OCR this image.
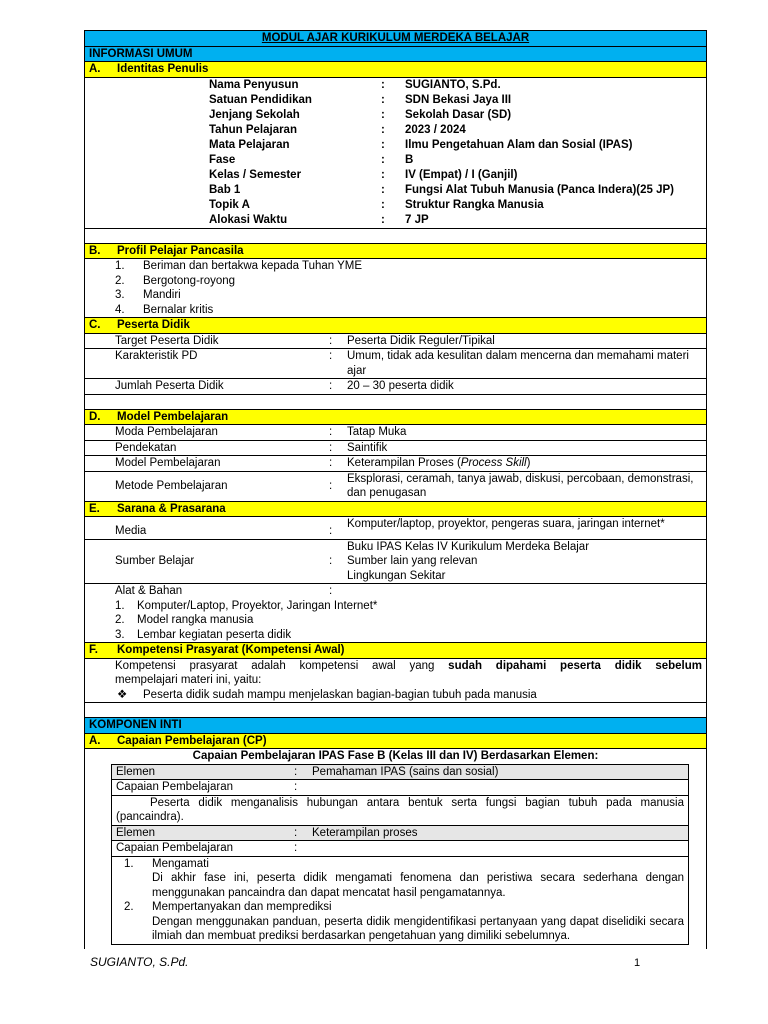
MODUL AJAR KURIKULUM MERDEKA BELAJAR
INFORMASI UMUM
A. Identitas Penulis

Nama Penyusun	:	SUGIANTO, S.Pd.
Satuan Pendidikan	:	SDN Bekasi Jaya III
Jenjang Sekolah	:	Sekolah Dasar (SD)
Tahun Pelajaran	:	2023 / 2024
Mata Pelajaran	:	Ilmu Pengetahuan Alam dan Sosial (IPAS)
Fase	:	B
Kelas / Semester	:	IV (Empat) / I (Ganjil)
Bab 1	:	Fungsi Alat Tubuh Manusia (Panca Indera)(25 JP)
Topik A	:	Struktur Rangka Manusia
Alokasi Waktu	:	7 JP

B. Profil Pelajar Pancasila

1. Beriman dan bertakwa kepada Tuhan YME
2. Bergotong-royong
3. Mandiri
4. Bernalar kritis

C. Peserta Didik

Target Peserta Didik	:	Peserta Didik Reguler/Tipikal

Karakteristik PD	:	Umum, tidak ada kesulitan dalam mencerna dan memahami materi ajar

Jumlah Peserta Didik	:	20 – 30 peserta didik

D. Model Pembelajaran

Moda Pembelajaran	:	Tatap Muka

Pendekatan	:	Saintifik

Model Pembelajaran	:	Keterampilan Proses (Process Skill)

Metode Pembelajaran	:
Eksplorasi, ceramah, tanya jawab, diskusi, percobaan, demonstrasi, dan penugasan

E. Sarana & Prasarana

Media	:
Komputer/laptop, proyektor, pengeras suara, jaringan internet*

Sumber Belajar	:
Buku IPAS Kelas IV Kurikulum Merdeka Belajar
Sumber lain yang relevan
Lingkungan Sekitar

Alat & Bahan	:
1. Komputer/Laptop, Proyektor, Jaringan Internet*
2. Model rangka manusia
3. Lembar kegiatan peserta didik

F. Kompetensi Prasyarat (Kompetensi Awal)

Kompetensi prasyarat adalah kompetensi awal yang sudah dipahami peserta didik sebelum
mempelajari materi ini, yaitu:
❖ Peserta didik sudah mampu menjelaskan bagian-bagian tubuh pada manusia

KOMPONEN INTI
A. Capaian Pembelajaran (CP)

Capaian Pembelajaran IPAS Fase B (Kelas III dan IV) Berdasarkan Elemen:
Elemen	:	Pemahaman IPAS (sains dan sosial)

Capaian Pembelajaran	:

Peserta didik menganalisis hubungan antara bentuk serta fungsi bagian tubuh pada manusia (pancaindra).

Elemen	:	Keterampilan proses

Capaian Pembelajaran	:

1. Mengamati
Di akhir fase ini, peserta didik mengamati fenomena dan peristiwa secara sederhana dengan menggunakan pancaindra dan dapat mencatat hasil pengamatannya.
2. Mempertanyakan dan memprediksi
Dengan menggunakan panduan, peserta didik mengidentifikasi pertanyaan yang dapat diselidiki secara ilmiah dan membuat prediksi berdasarkan pengetahuan yang dimiliki sebelumnya.
SUGIANTO, S.Pd.	1
